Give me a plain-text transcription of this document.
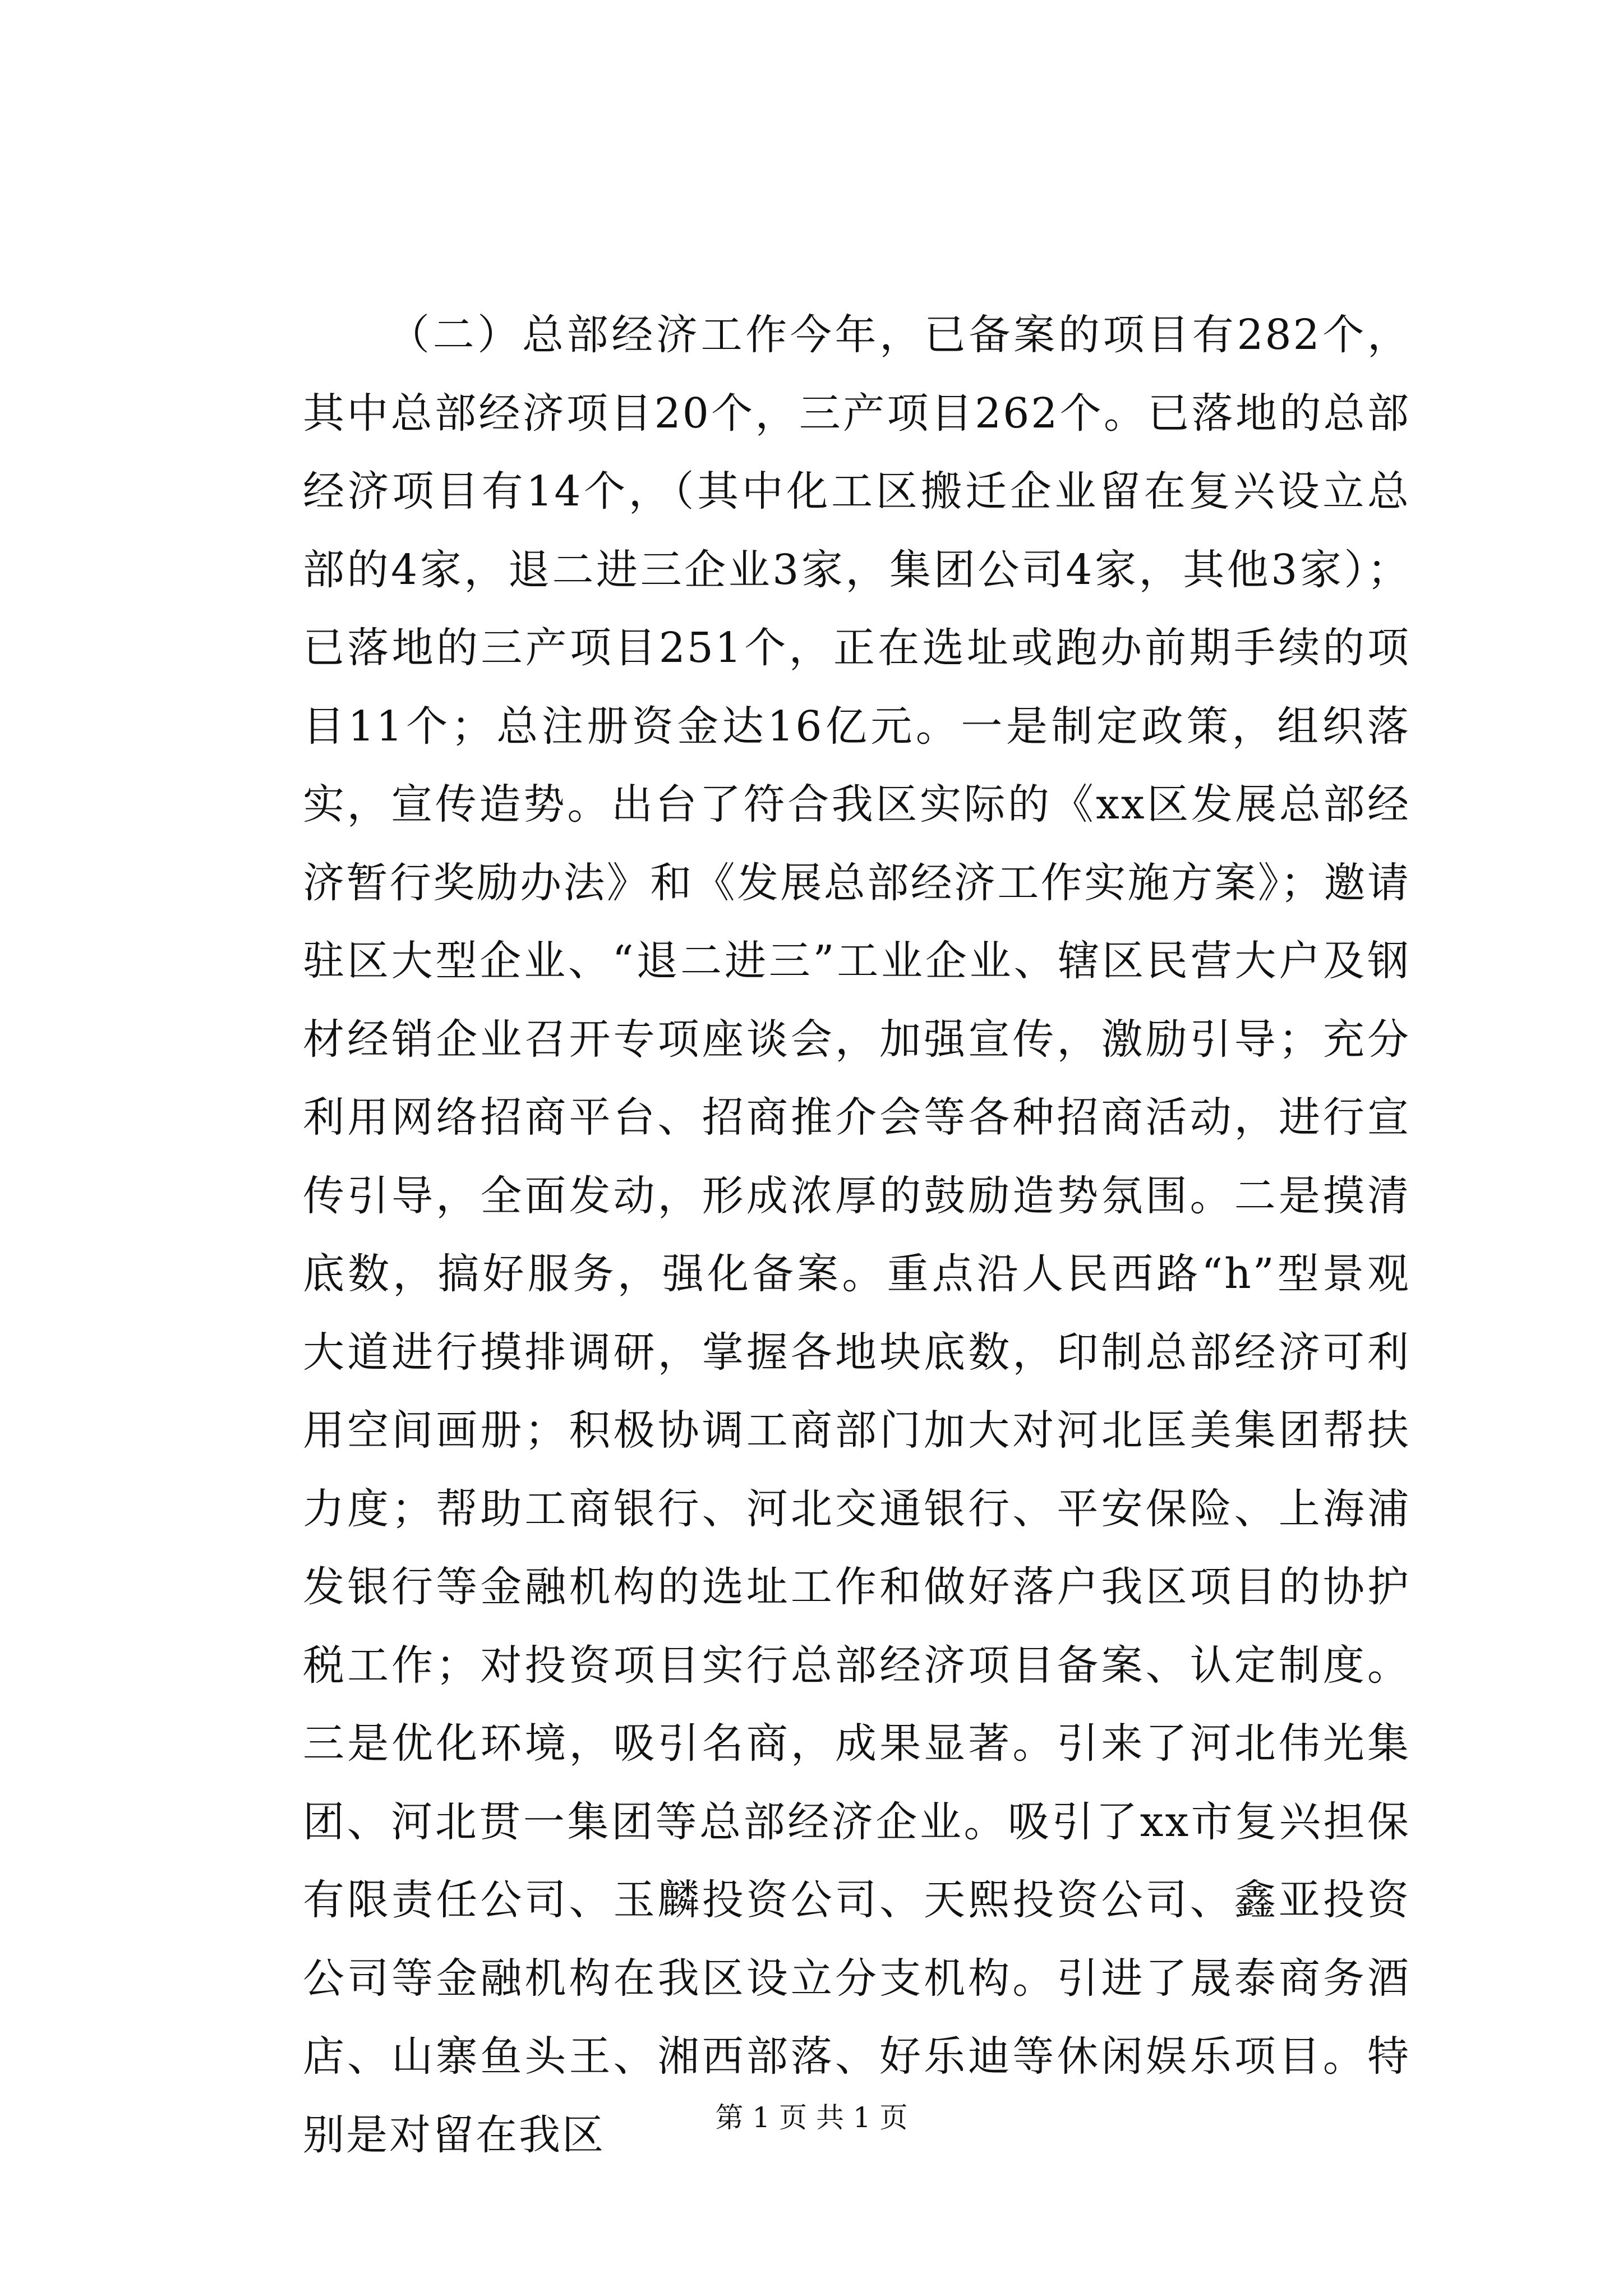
（二）总部经济工作今年，已备案的项目有282个，其中总部经济项目20个，三产项目262个。已落地的总部经济项目有14个，（其中化工区搬迁企业留在复兴设立总部的4家，退二进三企业3家，集团公司4家，其他3家）；已落地的三产项目251个，正在选址或跑办前期手续的项目11个；总注册资金达16亿元。一是制定政策，组织落实，宣传造势。出台了符合我区实际的《xx区发展总部经济暂行奖励办法》和《发展总部经济工作实施方案》；邀请驻区大型企业、“退二进三”工业企业、辖区民营大户及钢材经销企业召开专项座谈会，加强宣传，激励引导；充分利用网络招商平台、招商推介会等各种招商活动，进行宣传引导，全面发动，形成浓厚的鼓励造势氛围。二是摸清底数，搞好服务，强化备案。重点沿人民西路“h”型景观大道进行摸排调研，掌握各地块底数，印制总部经济可利用空间画册；积极协调工商部门加大对河北匡美集团帮扶力度；帮助工商银行、河北交通银行、平安保险、上海浦发银行等金融机构的选址工作和做好落户我区项目的协护税工作；对投资项目实行总部经济项目备案、认定制度。三是优化环境，吸引名商，成果显著。引来了河北伟光集团、河北贯一集团等总部经济企业。吸引了xx市复兴担保有限责任公司、玉麟投资公司、天熙投资公司、鑫亚投资公司等金融机构在我区设立分支机构。引进了晟泰商务酒店、山寨鱼头王、湘西部落、好乐迪等休闲娱乐项目。特别是对留在我区	第 1 页 共 1 页
